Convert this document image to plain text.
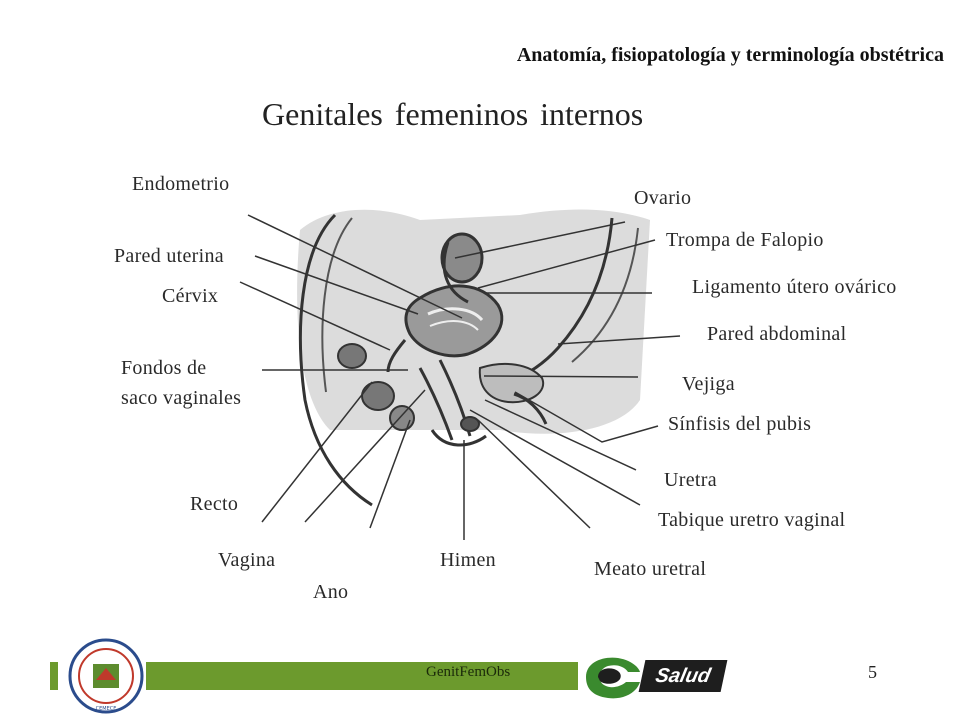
Anatomía, fisiopatología y terminología obstétrica
Genitales femeninos internos
Endometrio
Pared uterina
Cérvix
Fondos de
saco vaginales
Recto
Vagina
Ano
Himen
Ovario
Trompa de Falopio
Ligamento útero ovárico
Pared abdominal
Vejiga
Sínfisis del pubis
Uretra
Tabique uretro vaginal
Meato uretral
CEMECE
GenitFemObs	Salud	5
